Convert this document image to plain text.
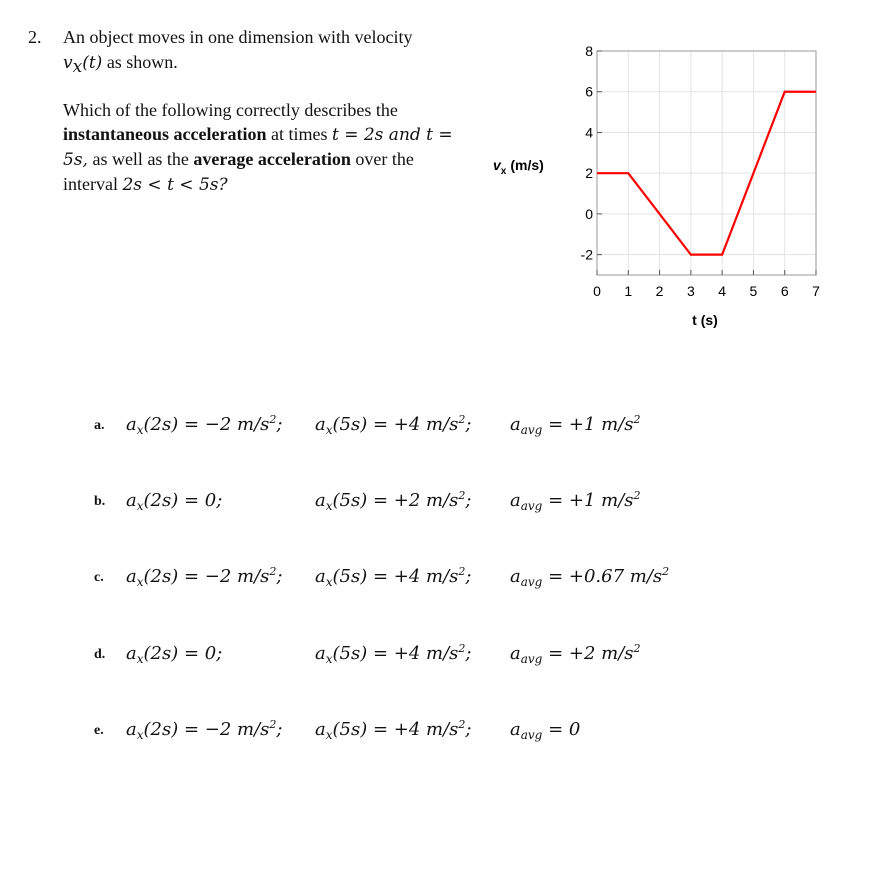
2. An object moves in one dimension with velocity
$v_x(t)$ as shown.
Which of the following correctly describes the
instantaneous acceleration at times t = 2s and t =
5s, as well as the average acceleration over the
interval 2s < t < 5s?
8
6
4
2
0
-2
0 1 2 3 4 5 6 7
$v_x$ (m/s)
t (s)
a. $a_x(2s) = -2$ $m/s^2$; $a_x(5s) = +4$ $m/s^2$; $a_{avg} = +1$ $m/s^2$
b. $a_x(2s) = 0$;	$a_x(5s) = +2$ $m/s^2$; $a_{avg} = +1$ $m/s^2$
c. $a_x(2s) = -2$ $m/s^2$; $a_x(5s) = +4$ $m/s^2$; $a_{avg} = +0.67$ $m/s^2$
d. $a_x(2s) = 0$;	$a_x(5s) = +4$ $m/s^2$; $a_{avg} = +2$ $m/s^2$
e. $a_x(2s) = -2$ $m/s^2$; $a_x(5s) = +4$ $m/s^2$; $a_{avg} = 0$
